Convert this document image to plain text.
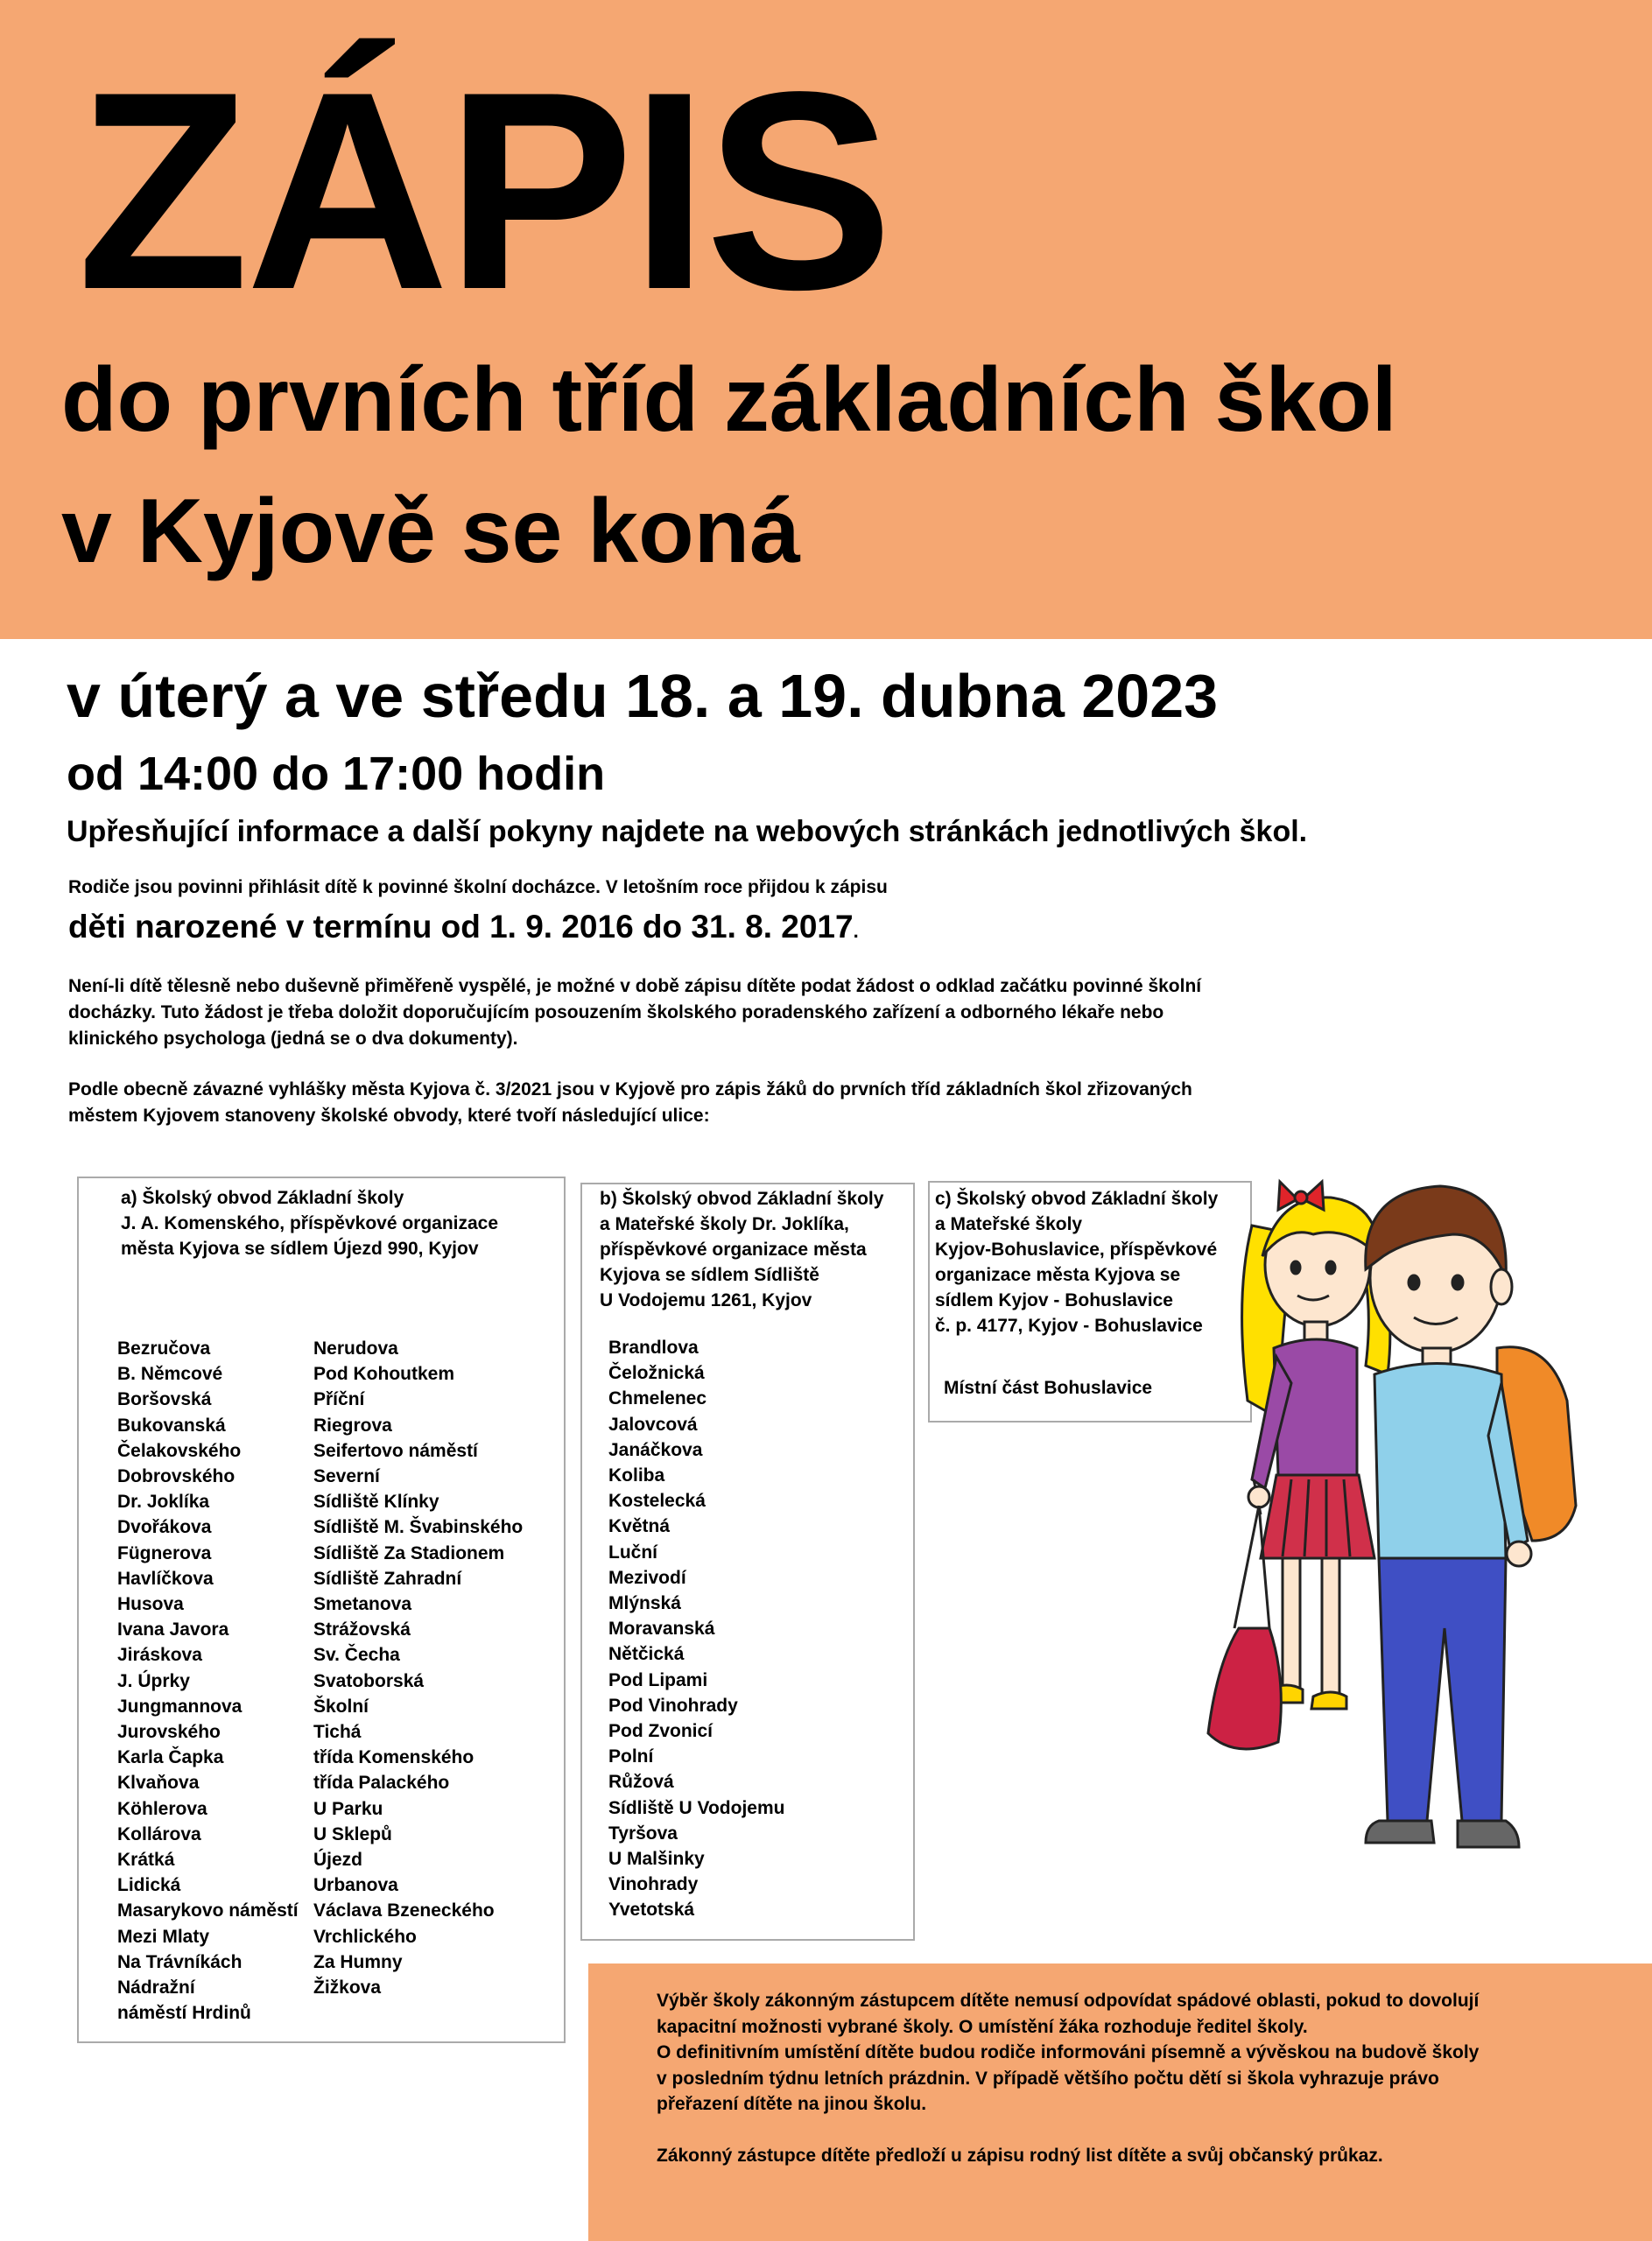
ZÁPIS
do prvních tříd základních škol
v Kyjově se koná
v úterý a ve středu 18. a 19. dubna 2023
od 14:00 do 17:00 hodin
Upřesňující informace a další pokyny najdete na webových stránkách jednotlivých škol.
Rodiče jsou povinni přihlásit dítě k povinné školní docházce. V letošním roce přijdou k zápisu
děti narozené v termínu od 1. 9. 2016 do 31. 8. 2017.
Není-li dítě tělesně nebo duševně přiměřeně vyspělé, je možné v době zápisu dítěte podat žádost o odklad začátku povinné školní
docházky. Tuto žádost je třeba doložit doporučujícím posouzením školského poradenského zařízení a odborného lékaře nebo
klinického psychologa (jedná se o dva dokumenty).
Podle obecně závazné vyhlášky města Kyjova č. 3/2021 jsou v Kyjově pro zápis žáků do prvních tříd základních škol zřizovaných
městem Kyjovem stanoveny školské obvody, které tvoří následující ulice:
a) Školský obvod Základní školy
J. A. Komenského, příspěvkové organizace
města Kyjova se sídlem Újezd 990, Kyjov
Bezručova
B. Němcové
Boršovská
Bukovanská
Čelakovského
Dobrovského
Dr. Joklíka
Dvořákova
Fügnerova
Havlíčkova
Husova
Ivana Javora
Jiráskova
J. Úprky
Jungmannova
Jurovského
Karla Čapka
Klvaňova
Köhlerova
Kollárova
Krátká
Lidická
Masarykovo náměstí
Mezi Mlaty
Na Trávníkách
Nádražní
náměstí Hrdinů
Nerudova
Pod Kohoutkem
Příční
Riegrova
Seifertovo náměstí
Severní
Sídliště Klínky
Sídliště M. Švabinského
Sídliště Za Stadionem
Sídliště Zahradní
Smetanova
Strážovská
Sv. Čecha
Svatoborská
Školní
Tichá
třída Komenského
třída Palackého
U Parku
U Sklepů
Újezd
Urbanova
Václava Bzeneckého
Vrchlického
Za Humny
Žižkova
b) Školský obvod Základní školy
a Mateřské školy Dr. Joklíka,
příspěvkové organizace města
Kyjova se sídlem Sídliště
U Vodojemu 1261, Kyjov
Brandlova
Čeložnická
Chmelenec
Jalovcová
Janáčkova
Koliba
Kostelecká
Květná
Luční
Mezivodí
Mlýnská
Moravanská
Nětčická
Pod Lipami
Pod Vinohrady
Pod Zvonicí
Polní
Růžová
Sídliště U Vodojemu
Tyršova
U Malšinky
Vinohrady
Yvetotská
c) Školský obvod Základní školy
a Mateřské školy
Kyjov-Bohuslavice, příspěvkové
organizace města Kyjova se
sídlem Kyjov - Bohuslavice
č. p. 4177, Kyjov - Bohuslavice
Místní část Bohuslavice

Výběr školy zákonným zástupcem dítěte nemusí odpovídat spádové oblasti, pokud to dovolují

kapacitní možnosti vybrané školy. O umístění žáka rozhoduje ředitel školy.

O definitivním umístění dítěte budou rodiče informováni písemně a vývěskou na budově školy

v posledním týdnu letních prázdnin. V případě většího počtu dětí si škola vyhrazuje právo

přeřazení dítěte na jinou školu.

Zákonný zástupce dítěte předloží u zápisu rodný list dítěte a svůj občanský průkaz.
